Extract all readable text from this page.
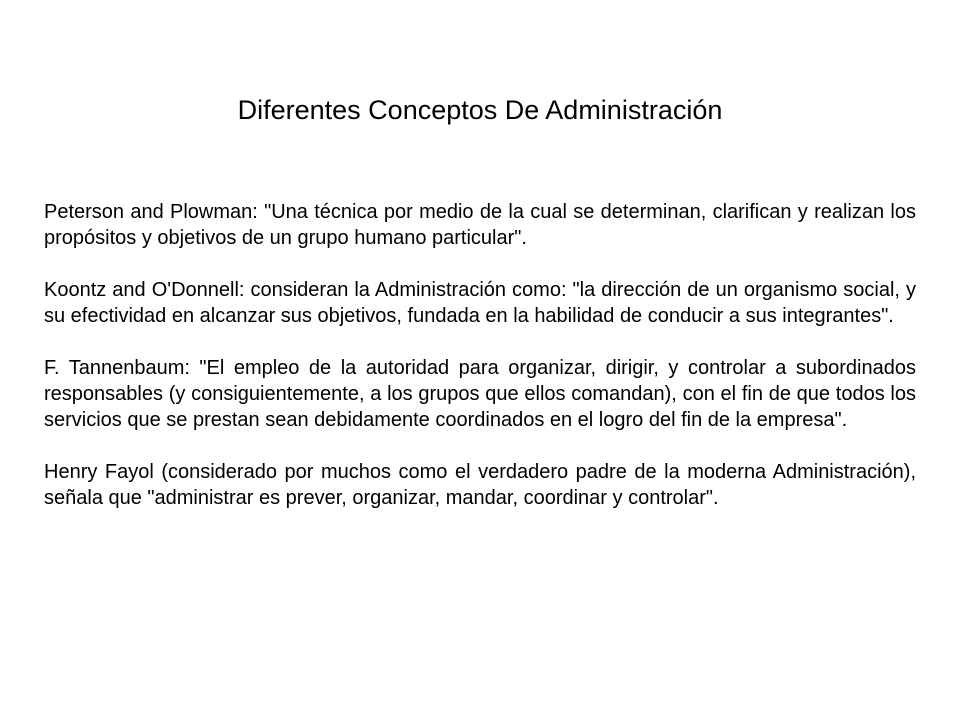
Diferentes Conceptos De Administración

Peterson and Plowman: "Una técnica por medio de la cual se determinan, clarifican y realizan los propósitos y objetivos de un grupo humano particular".

Koontz and O'Donnell: consideran la Administración como: "la dirección de un organismo social, y su efectividad en alcanzar sus objetivos, fundada en la habilidad de conducir a sus integrantes".

F. Tannenbaum: "El empleo de la autoridad para organizar, dirigir, y controlar a subordinados responsables (y consiguientemente, a los grupos que ellos comandan), con el fin de que todos los servicios que se prestan sean debidamente coordinados en el logro del fin de la empresa".

Henry Fayol (considerado por muchos como el verdadero padre de la moderna Administración), señala que "administrar es prever, organizar, mandar, coordinar y controlar".
